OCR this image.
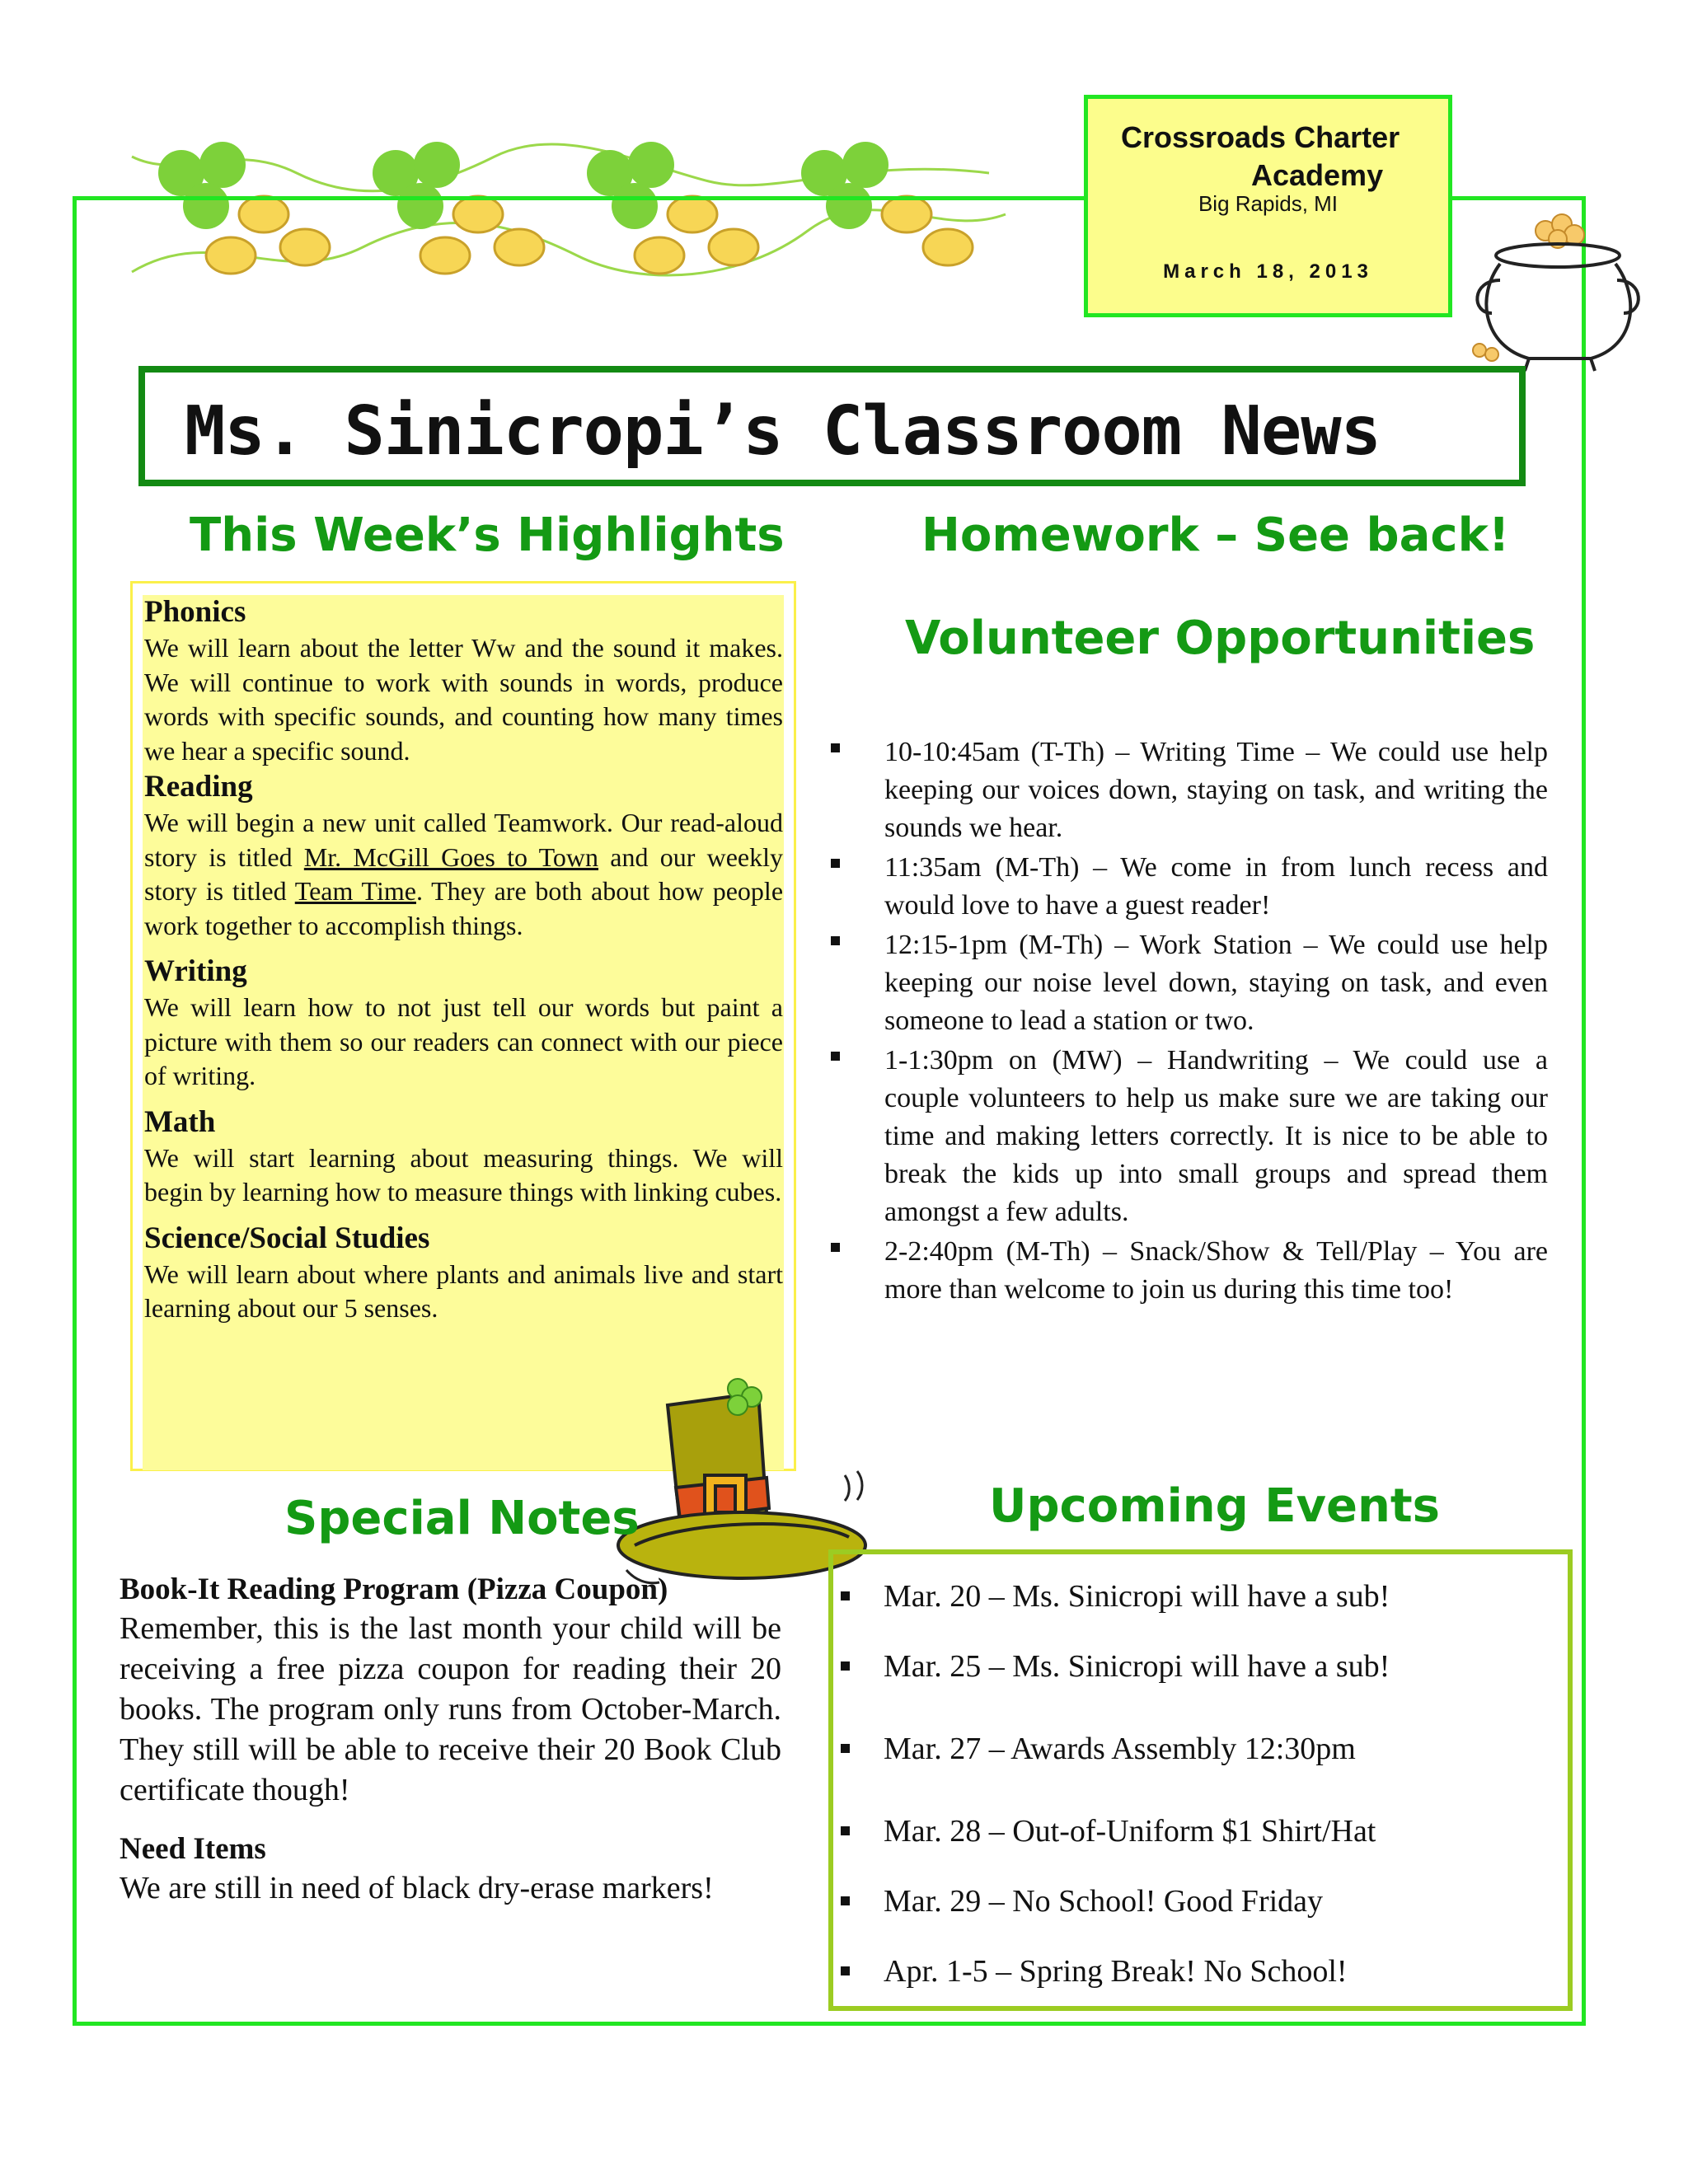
Crossroads Charter
Academy
Big Rapids, MI
March 18, 2013
Ms. Sinicropi’s Classroom News
This Week’s Highlights	Homework – See back!
Volunteer Opportunities

Phonics

We will learn about the letter Ww and the sound it makes. We will continue to work with sounds in words, produce words with specific sounds, and counting how many times we hear a specific sound.

Reading

We will begin a new unit called Teamwork. Our read-aloud story is titled Mr. McGill Goes to Town and our weekly story is titled Team Time. They are both about how people work together to accomplish things.

Writing

We will learn how to not just tell our words but paint a picture with them so our readers can connect with our piece of writing.

Math

We will start learning about measuring things. We will begin by learning how to measure things with linking cubes.

Science/Social Studies

We will learn about where plants and animals live and start learning about our 5 senses.

10-10:45am (T-Th) – Writing Time – We could use help keeping our voices down, staying on task, and writing the sounds we hear.
11:35am (M-Th) – We come in from lunch recess and would love to have a guest reader!
12:15-1pm (M-Th) – Work Station – We could use help keeping our noise level down, staying on task, and even someone to lead a station or two.
1-1:30pm on (MW) – Handwriting – We could use a couple volunteers to help us make sure we are taking our time and making letters correctly. It is nice to be able to break the kids up into small groups and spread them amongst a few adults.
2-2:40pm (M-Th) – Snack/Show & Tell/Play – You are more than welcome to join us during this time too!
Special Notes
Book-It Reading Program (Pizza Coupon)
Remember, this is the last month your child will be receiving a free pizza coupon for reading their 20 books. The program only runs from October-March. They still will be able to receive their 20 Book Club certificate though!
Need Items
We are still in need of black dry-erase markers!
Upcoming Events
Mar. 20 – Ms. Sinicropi will have a sub!
Mar. 25 – Ms. Sinicropi will have a sub!
Mar. 27 – Awards Assembly 12:30pm
Mar. 28 – Out-of-Uniform $1 Shirt/Hat
Mar. 29 – No School! Good Friday
Apr. 1-5 – Spring Break! No School!
